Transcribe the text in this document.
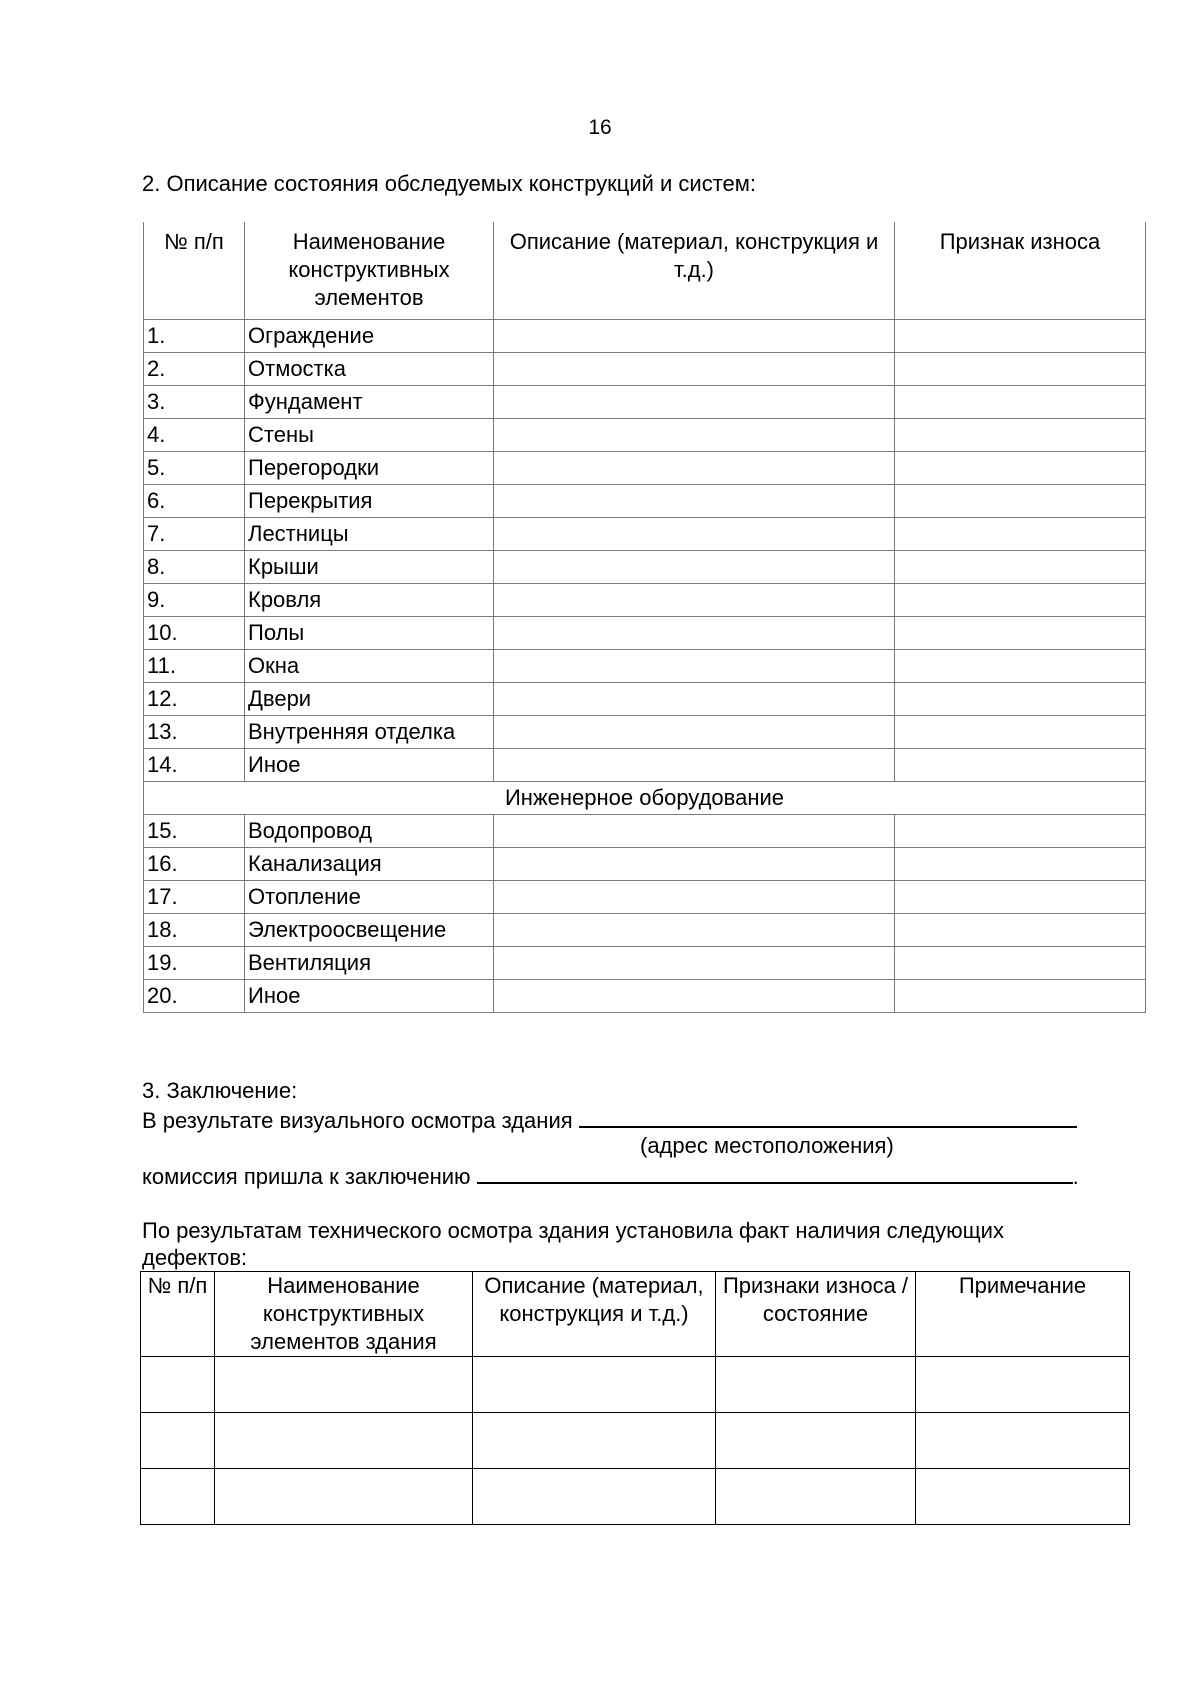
16
2. Описание состояния обследуемых конструкций и систем:
№ п/п	Наименование конструктивных элементов	Описание (материал, конструкция и т.д.)	Признак износа
1.	Ограждение		
2.	Отмостка		
3.	Фундамент		
4.	Стены		
5.	Перегородки		
6.	Перекрытия		
7.	Лестницы		
8.	Крыши		
9.	Кровля		
10.	Полы		
11.	Окна		
12.	Двери		
13.	Внутренняя отделка		
14.	Иное		
Инженерное оборудование			
15.	Водопровод		
16.	Канализация		
17.	Отопление		
18.	Электроосвещение		
19.	Вентиляция		
20.	Иное		
3. Заключение:
В результате визуального осмотра здания
(адрес местоположения)
комиссия пришла к заключению	.
По результатам технического осмотра здания установила факт наличия следующих дефектов:
№ п/п	Наименование конструктивных элементов здания	Описание (материал, конструкция и т.д.)	Признаки износа / состояние	Примечание
